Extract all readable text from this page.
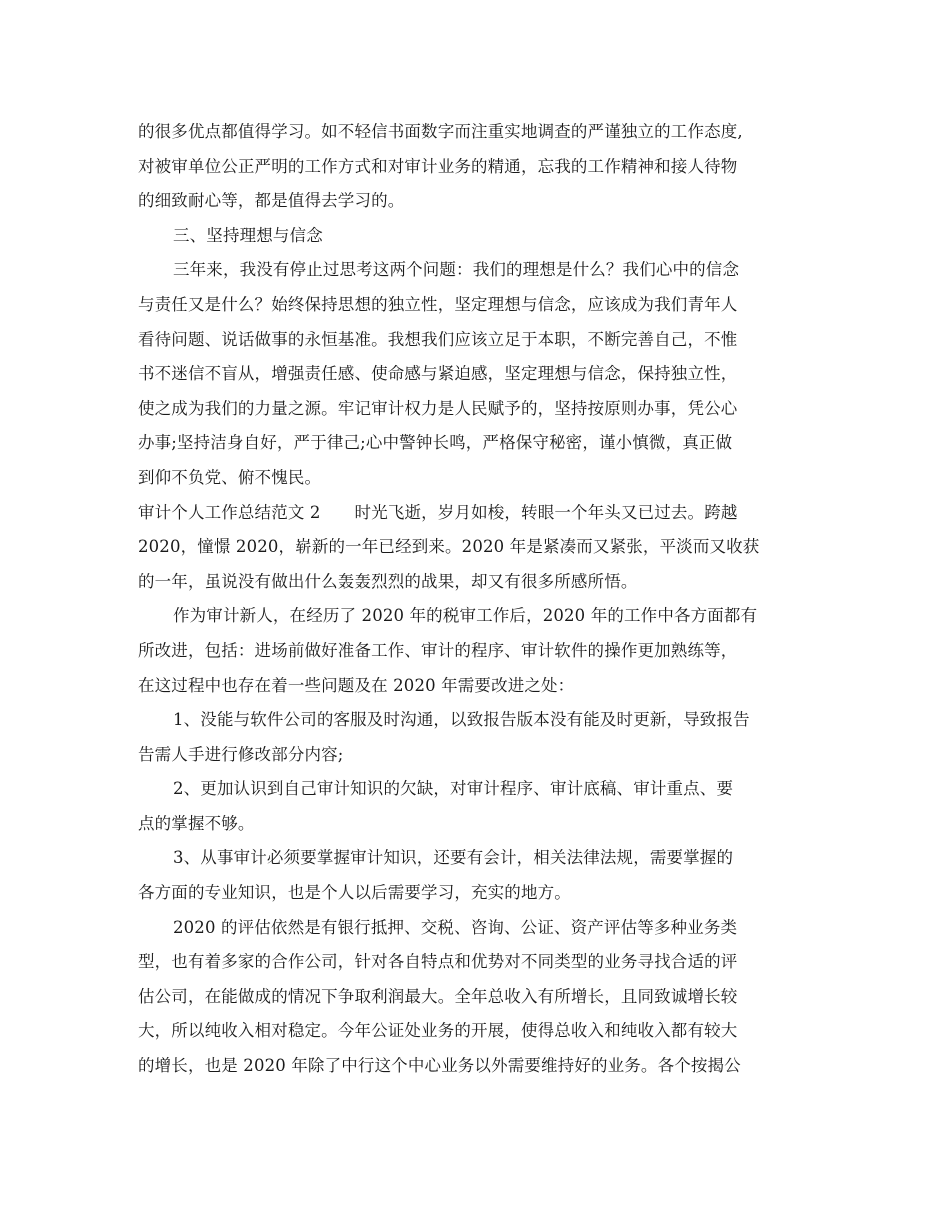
的很多优点都值得学习。如不轻信书面数字而注重实地调查的严谨独立的工作态度,
对被审单位公正严明的工作方式和对审计业务的精通，忘我的工作精神和接人待物
的细致耐心等，都是值得去学习的。
三、坚持理想与信念
三年来，我没有停止过思考这两个问题：我们的理想是什么？我们心中的信念
与责任又是什么？始终保持思想的独立性，坚定理想与信念，应该成为我们青年人
看待问题、说话做事的永恒基准。我想我们应该立足于本职，不断完善自己，不惟
书不迷信不盲从，增强责任感、使命感与紧迫感，坚定理想与信念，保持独立性，
使之成为我们的力量之源。牢记审计权力是人民赋予的，坚持按原则办事，凭公心
办事;坚持洁身自好，严于律己;心中警钟长鸣，严格保守秘密，谨小慎微，真正做
到仰不负党、俯不愧民。
审计个人工作总结范文 2 时光飞逝，岁月如梭，转眼一个年头又已过去。跨越
2020，憧憬 2020，崭新的一年已经到来。2020 年是紧凑而又紧张，平淡而又收获
的一年，虽说没有做出什么轰轰烈烈的战果，却又有很多所感所悟。
作为审计新人，在经历了 2020 年的税审工作后，2020 年的工作中各方面都有
所改进，包括：进场前做好准备工作、审计的程序、审计软件的操作更加熟练等，
在这过程中也存在着一些问题及在 2020 年需要改进之处：
1、没能与软件公司的客服及时沟通，以致报告版本没有能及时更新，导致报告
告需人手进行修改部分内容;
2、更加认识到自己审计知识的欠缺，对审计程序、审计底稿、审计重点、要
点的掌握不够。
3、从事审计必须要掌握审计知识，还要有会计，相关法律法规，需要掌握的
各方面的专业知识，也是个人以后需要学习，充实的地方。
2020 的评估依然是有银行抵押、交税、咨询、公证、资产评估等多种业务类
型，也有着多家的合作公司，针对各自特点和优势对不同类型的业务寻找合适的评
估公司，在能做成的情况下争取利润最大。全年总收入有所增长，且同致诚增长较
大，所以纯收入相对稳定。今年公证处业务的开展，使得总收入和纯收入都有较大
的增长，也是 2020 年除了中行这个中心业务以外需要维持好的业务。各个按揭公
